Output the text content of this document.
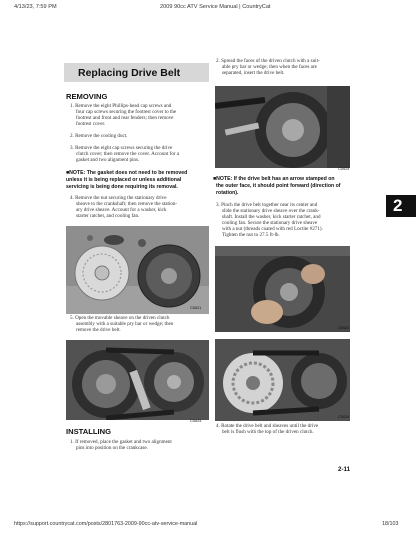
4/13/23, 7:59 PM	2009 90cc ATV Service Manual | CountryCat
Replacing Drive Belt
REMOVING
1. Remove the eight Phillips-head cap screws and
four cap screws securing the footrest cover to the
footrest and front and rear fenders; then remove
footrest cover.
2. Remove the cooling duct.
3. Remove the eight cap screws securing the drive
clutch cover; then remove the cover. Account for a
gasket and two alignment pins.
■NOTE: The gasket does not need to be removed
unless it is being replaced or unless additional
servicing is being done requiring its removal.
4. Remove the nut securing the stationary drive
sheave to the crankshaft; then remove the station-
ary drive sheave. Account for a washer, kick
starter ratchet, and cooling fan.
CD621
5. Open the movable sheave on the driven clutch
assembly with a suitable pry bar or wedge; then
remove the drive belt.
CD624
INSTALLING
1. If removed, place the gasket and two alignment
pins into position on the crankcase.
2. Spread the faces of the driven clutch with a suit-
able pry bar or wedge; then when the faces are
separated, insert the drive belt.
CD624
■NOTE: If the drive belt has an arrow stamped on
the outer face, it should point forward (direction of
rotation).
2
3. Pinch the drive belt together near its center and
slide the stationary drive sheave over the crank-
shaft. Install the washer, kick starter ratchet, and
cooling fan. Secure the stationary drive sheave
with a nut (threads coated with red Loctite #271).
Tighten the nut to 27.5 ft-lb.
CD623
CD619
4. Rotate the drive belt and sheaves until the drive
belt is flush with the top of the driven clutch.
2-11
https://support.countrycat.com/posts/2801763-2009-90cc-atv-service-manual	18/103
